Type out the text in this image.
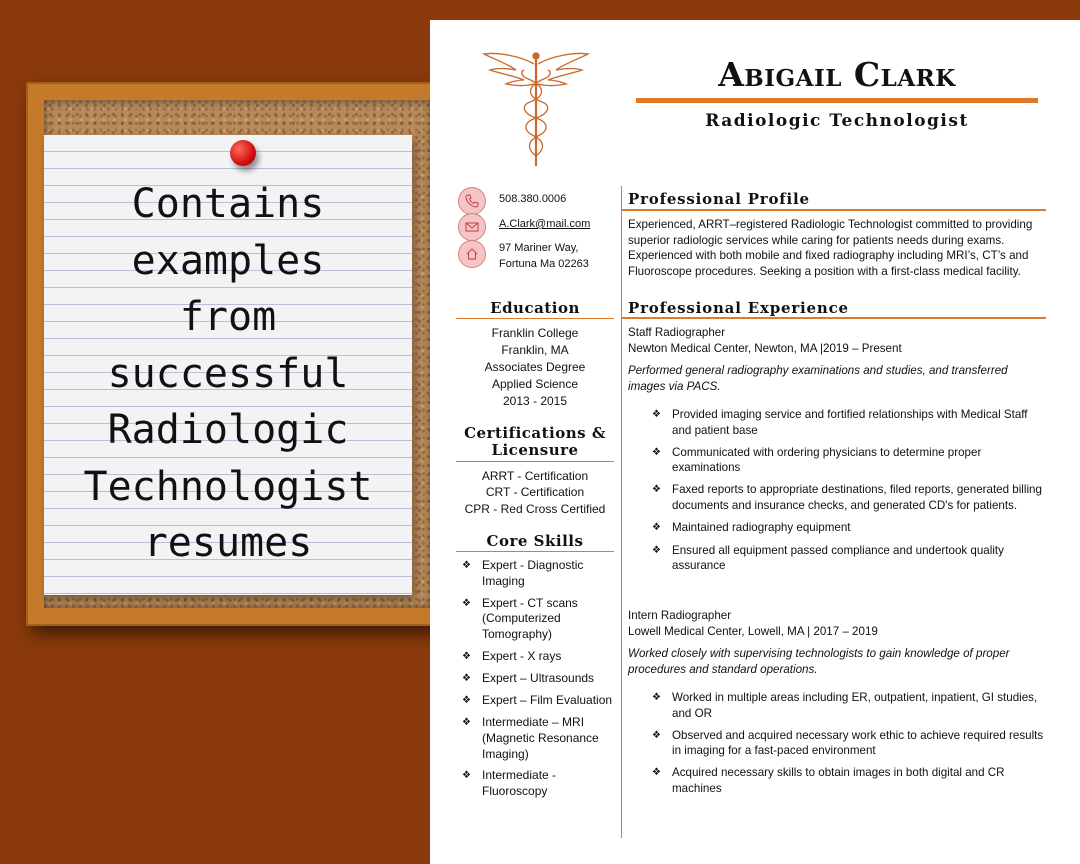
Contains
examples
from
successful
Radiologic
Technologist
resumes
Abigail Clark
Radiologic Technologist
508.380.0006
A.Clark@mail.com
97 Mariner Way,
Fortuna Ma 02263
Education
Franklin College
Franklin, MA
Associates Degree
Applied Science
2013 - 2015
Certifications &
Licensure
ARRT - Certification
CRT - Certification
CPR - Red Cross Certified
Core Skills
❖ Expert - Diagnostic Imaging
❖ Expert - CT scans (Computerized Tomography)
❖ Expert - X rays
❖ Expert – Ultrasounds
❖ Expert – Film Evaluation
❖ Intermediate – MRI (Magnetic Resonance Imaging)
❖ Intermediate - Fluoroscopy
Professional Profile
Experienced, ARRT–registered Radiologic Technologist committed to providing superior radiologic services while caring for patients needs during exams. Experienced with both mobile and fixed radiography including MRI’s, CT’s and Fluoroscope procedures. Seeking a position with a first-class medical facility.
Professional Experience
Staff Radiographer
Newton Medical Center, Newton, MA |2019 – Present
Performed general radiography examinations and studies, and transferred images via PACS.
❖ Provided imaging service and fortified relationships with Medical Staff and patient base
❖ Communicated with ordering physicians to determine proper examinations
❖ Faxed reports to appropriate destinations, filed reports, generated billing documents and insurance checks, and generated CD's for patients.
❖ Maintained radiography equipment
❖ Ensured all equipment passed compliance and undertook quality assurance
Intern Radiographer
Lowell Medical Center, Lowell, MA | 2017 – 2019
Worked closely with supervising technologists to gain knowledge of proper procedures and standard operations.
❖ Worked in multiple areas including ER, outpatient, inpatient, GI studies, and OR
❖ Observed and acquired necessary work ethic to achieve required results in imaging for a fast-paced environment
❖ Acquired necessary skills to obtain images in both digital and CR machines
